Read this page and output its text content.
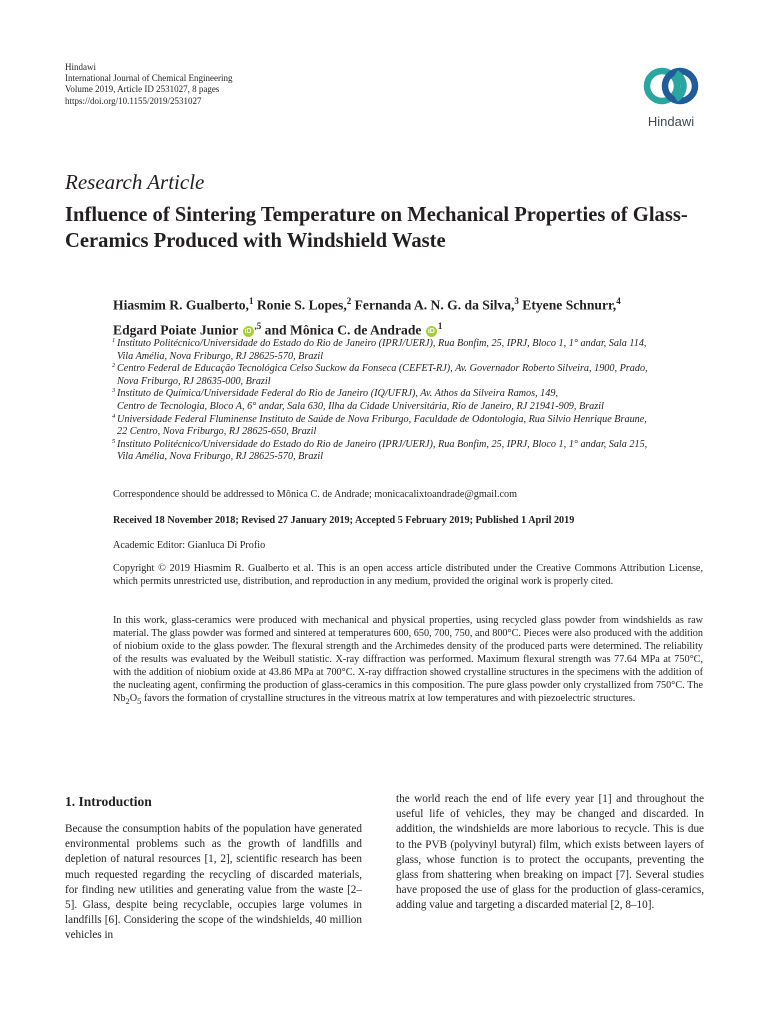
Hindawi
International Journal of Chemical Engineering
Volume 2019, Article ID 2531027, 8 pages
https://doi.org/10.1155/2019/2531027
Hindawi
Research Article
Influence of Sintering Temperature on Mechanical Properties of Glass-Ceramics Produced with Windshield Waste
Hiasmim R. Gualberto,$^1$ Ronie S. Lopes,$^2$ Fernanda A. N. G. da Silva,$^3$ Etyene Schnurr,$^4$
Edgard Poiate Junior $iD^{,5}$ and Mônica C. de Andrade $iD^1$
1 Instituto Politécnico/Universidade do Estado do Rio de Janeiro (IPRJ/UERJ), Rua Bonfim, 25, IPRJ, Bloco 1, 1° andar, Sala 114,
Vila Amélia, Nova Friburgo, RJ 28625-570, Brazil
2 Centro Federal de Educação Tecnológica Celso Suckow da Fonseca (CEFET-RJ), Av. Governador Roberto Silveira, 1900, Prado,
Nova Friburgo, RJ 28635-000, Brazil
3 Instituto de Química/Universidade Federal do Rio de Janeiro (IQ/UFRJ), Av. Athos da Silveira Ramos, 149,
Centro de Tecnologia, Bloco A, 6° andar, Sala 630, Ilha da Cidade Universitária, Rio de Janeiro, RJ 21941-909, Brazil
4 Universidade Federal Fluminense Instituto de Saúde de Nova Friburgo, Faculdade de Odontologia, Rua Silvio Henrique Braune,
22 Centro, Nova Friburgo, RJ 28625-650, Brazil
5 Instituto Politécnico/Universidade do Estado do Rio de Janeiro (IPRJ/UERJ), Rua Bonfim, 25, IPRJ, Bloco 1, 1° andar, Sala 215,
Vila Amélia, Nova Friburgo, RJ 28625-570, Brazil
Correspondence should be addressed to Mônica C. de Andrade; monicacalixtoandrade@gmail.com
Received 18 November 2018; Revised 27 January 2019; Accepted 5 February 2019; Published 1 April 2019
Academic Editor: Gianluca Di Profio
Copyright © 2019 Hiasmim R. Gualberto et al. This is an open access article distributed under the Creative Commons Attribution License, which permits unrestricted use, distribution, and reproduction in any medium, provided the original work is properly cited.
In this work, glass-ceramics were produced with mechanical and physical properties, using recycled glass powder from windshields as raw material. The glass powder was formed and sintered at temperatures 600, 650, 700, 750, and 800°C. Pieces were also produced with the addition of niobium oxide to the glass powder. The flexural strength and the Archimedes density of the produced parts were determined. The reliability of the results was evaluated by the Weibull statistic. X-ray diffraction was performed. Maximum flexural strength was 77.64 MPa at 750°C, with the addition of niobium oxide at 43.86 MPa at 700°C. X-ray diffraction showed crystalline structures in the specimens with the addition of the nucleating agent, confirming the production of glass-ceramics in this composition. The pure glass powder only crystallized from 750°C. The $Nb_2O_5$ favors the formation of crystalline structures in the vitreous matrix at low temperatures and with piezoelectric structures.
1. Introduction

Because the consumption habits of the population have generated environmental problems such as the growth of landfills and depletion of natural resources [1, 2], scientific research has been much requested regarding the recycling of discarded materials, for finding new utilities and generating value from the waste [2–5]. Glass, despite being recyclable, occupies large volumes in landfills [6]. Considering the scope of the windshields, 40 million vehicles in

the world reach the end of life every year [1] and throughout the useful life of vehicles, they may be changed and discarded. In addition, the windshields are more laborious to recycle. This is due to the PVB (polyvinyl butyral) film, which exists between layers of glass, whose function is to protect the occupants, preventing the glass from shattering when breaking on impact [7]. Several studies have proposed the use of glass for the production of glass-ceramics, adding value and targeting a discarded material [2, 8–10].
